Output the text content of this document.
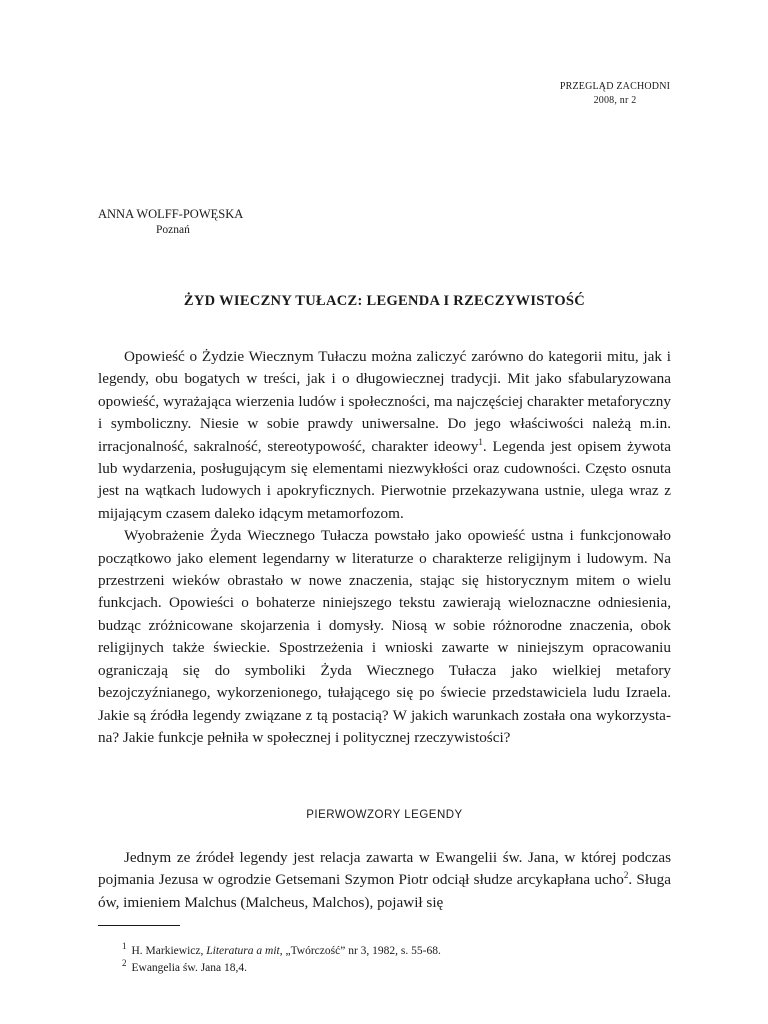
PRZEGLĄD ZACHODNI
2008, nr 2
ANNA WOLFF-POWĘSKA
Poznań
ŻYD WIECZNY TUŁACZ: LEGENDA I RZECZYWISTOŚĆ

Opowieść o Żydzie Wiecznym Tułaczu można zaliczyć zarówno do kategorii mitu, jak i legendy, obu bogatych w treści, jak i o długowiecznej tradycji. Mit jako sfabularyzowana opowieść, wyrażająca wierzenia ludów i społeczności, ma najczęściej charakter metaforyczny i symboliczny. Niesie w sobie prawdy uniwersalne. Do jego właściwości należą m.in. irracjonalność, sakralność, stereotypowość, charakter ideowy$^1$. Legenda jest opisem żywota lub wydarzenia, posługującym się elementami niezwykłości oraz cudowności. Często osnuta jest na wątkach ludowych i apokryficznych. Pierwotnie przekazywana ustnie, ulega wraz z mijającym czasem daleko idącym metamorfozom.

Wyobrażenie Żyda Wiecznego Tułacza powstało jako opowieść ustna i funkcjonowało początkowo jako element legendarny w literaturze o charakterze religijnym i ludowym. Na przestrzeni wieków obrastało w nowe znaczenia, stając się historycznym mitem o wielu funkcjach. Opowieści o bohaterze niniejszego tekstu zawierają wieloznaczne odniesienia, budząc zróżnicowane skojarzenia i domysły. Niosą w sobie różnorodne znaczenia, obok religijnych także świeckie. Spostrzeżenia i wnioski zawarte w niniejszym opracowaniu ograniczają się do symboliki Żyda Wiecznego Tułacza jako wielkiej metafory bezojczyźnianego, wykorzenionego, tułającego się po świecie przedstawiciela ludu Izraela. Jakie są źródła legendy związane z tą postacią? W jakich warunkach została ona wykorzystana? Jakie funkcje pełniła w społecznej i politycznej rzeczywistości?

PIERWOWZORY LEGENDY

Jednym ze źródeł legendy jest relacja zawarta w Ewangelii św. Jana, w której podczas pojmania Jezusa w ogrodzie Getsemani Szymon Piotr odciął słudze arcykapłana ucho$^2$. Sługa ów, imieniem Malchus (Malcheus, Malchos), pojawił się

$^1$ H. Markiewicz, Literatura a mit, „Twórczość” nr 3, 1982, s. 55-68.
$^2$ Ewangelia św. Jana 18,4.
